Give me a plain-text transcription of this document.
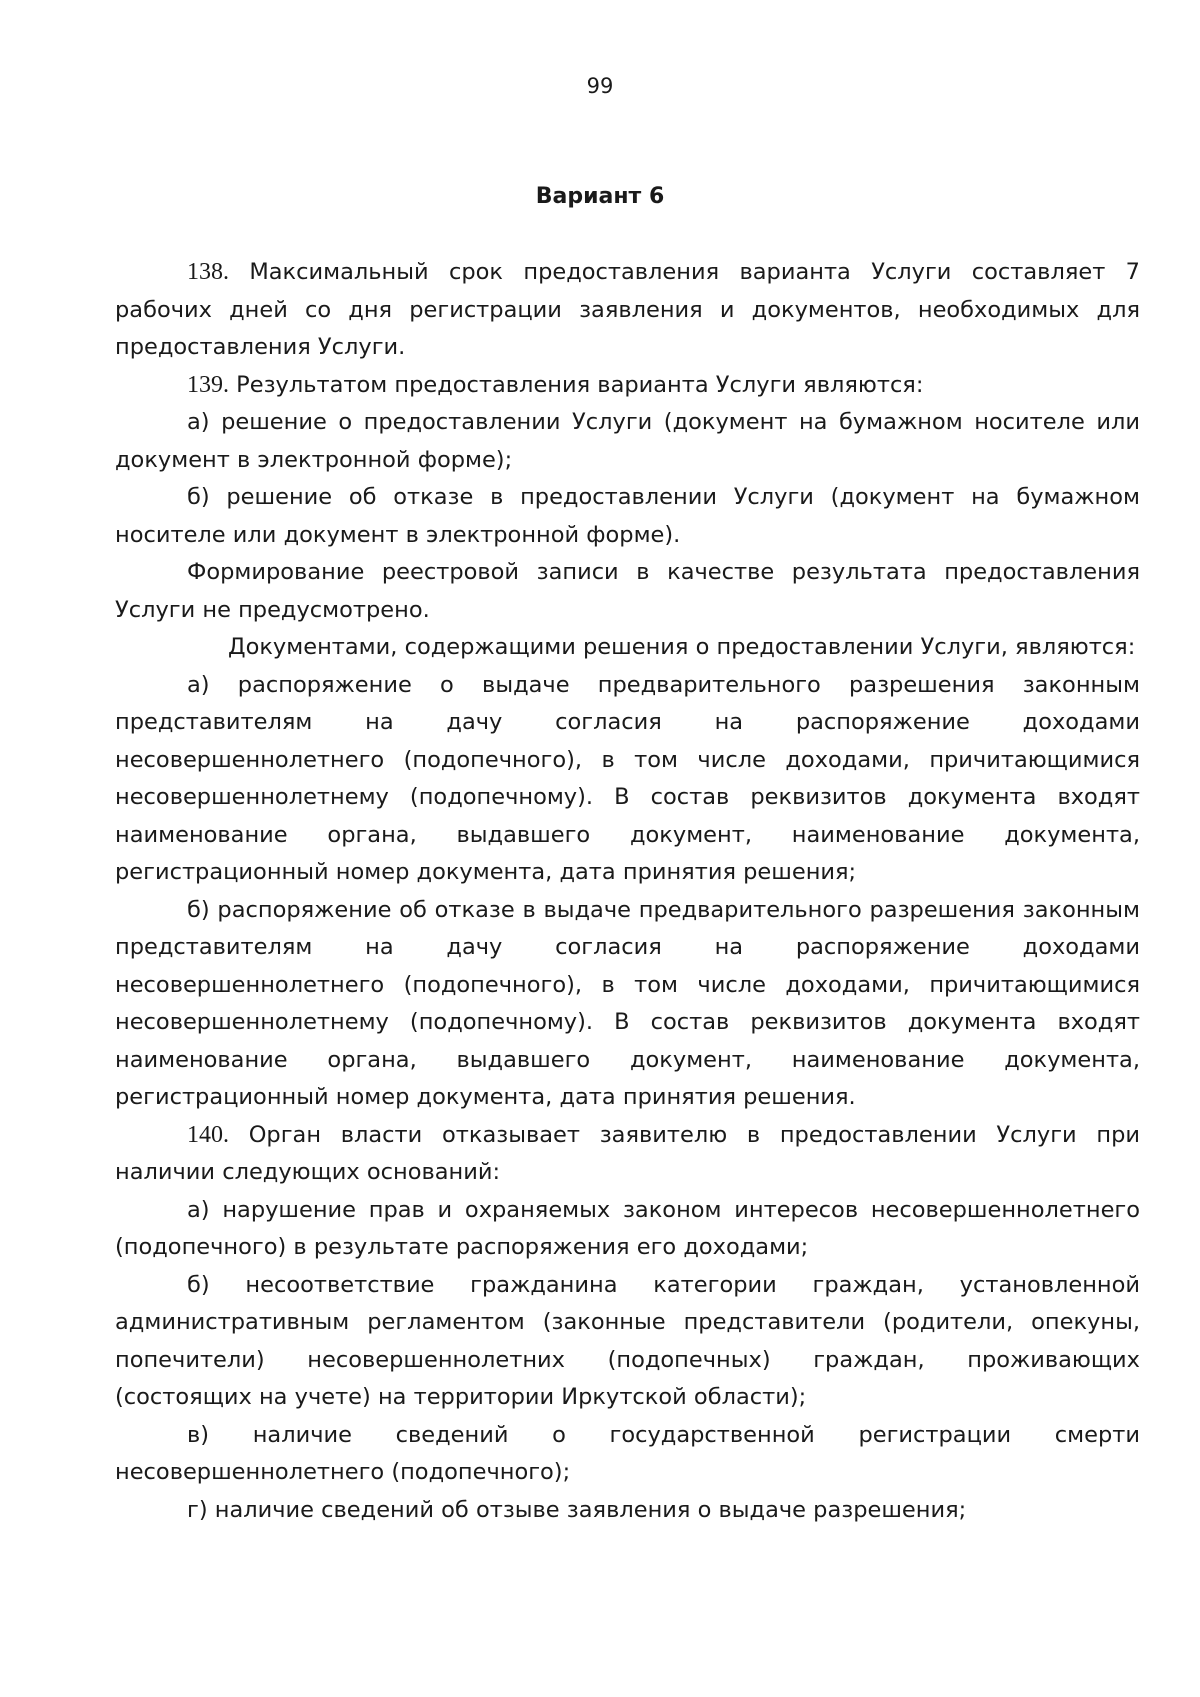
99

Вариант 6

138. Максимальный срок предоставления варианта Услуги составляет 7 рабочих дней со дня регистрации заявления и документов, необходимых для предоставления Услуги.

139. Результатом предоставления варианта Услуги являются:

а) решение о предоставлении Услуги (документ на бумажном носителе или документ в электронной форме);

б) решение об отказе в предоставлении Услуги (документ на бумажном носителе или документ в электронной форме).

Формирование реестровой записи в качестве результата предоставления Услуги не предусмотрено.

Документами, содержащими решения о предоставлении Услуги, являются:

а) распоряжение о выдаче предварительного разрешения законным представителям на дачу согласия на распоряжение доходами несовершеннолетнего (подопечного), в том числе доходами, причитающимися несовершеннолетнему (подопечному). В состав реквизитов документа входят наименование органа, выдавшего документ, наименование документа, регистрационный номер документа, дата принятия решения;

б) распоряжение об отказе в выдаче предварительного разрешения законным представителям на дачу согласия на распоряжение доходами несовершеннолетнего (подопечного), в том числе доходами, причитающимися несовершеннолетнему (подопечному). В состав реквизитов документа входят наименование органа, выдавшего документ, наименование документа, регистрационный номер документа, дата принятия решения.

140. Орган власти отказывает заявителю в предоставлении Услуги при наличии следующих оснований:

а) нарушение прав и охраняемых законом интересов несовершеннолетнего (подопечного) в результате распоряжения его доходами;

б) несоответствие гражданина категории граждан, установленной административным регламентом (законные представители (родители, опекуны, попечители) несовершеннолетних (подопечных) граждан, проживающих (состоящих на учете) на территории Иркутской области);

в) наличие сведений о государственной регистрации смерти несовершеннолетнего (подопечного);

г) наличие сведений об отзыве заявления о выдаче разрешения;
